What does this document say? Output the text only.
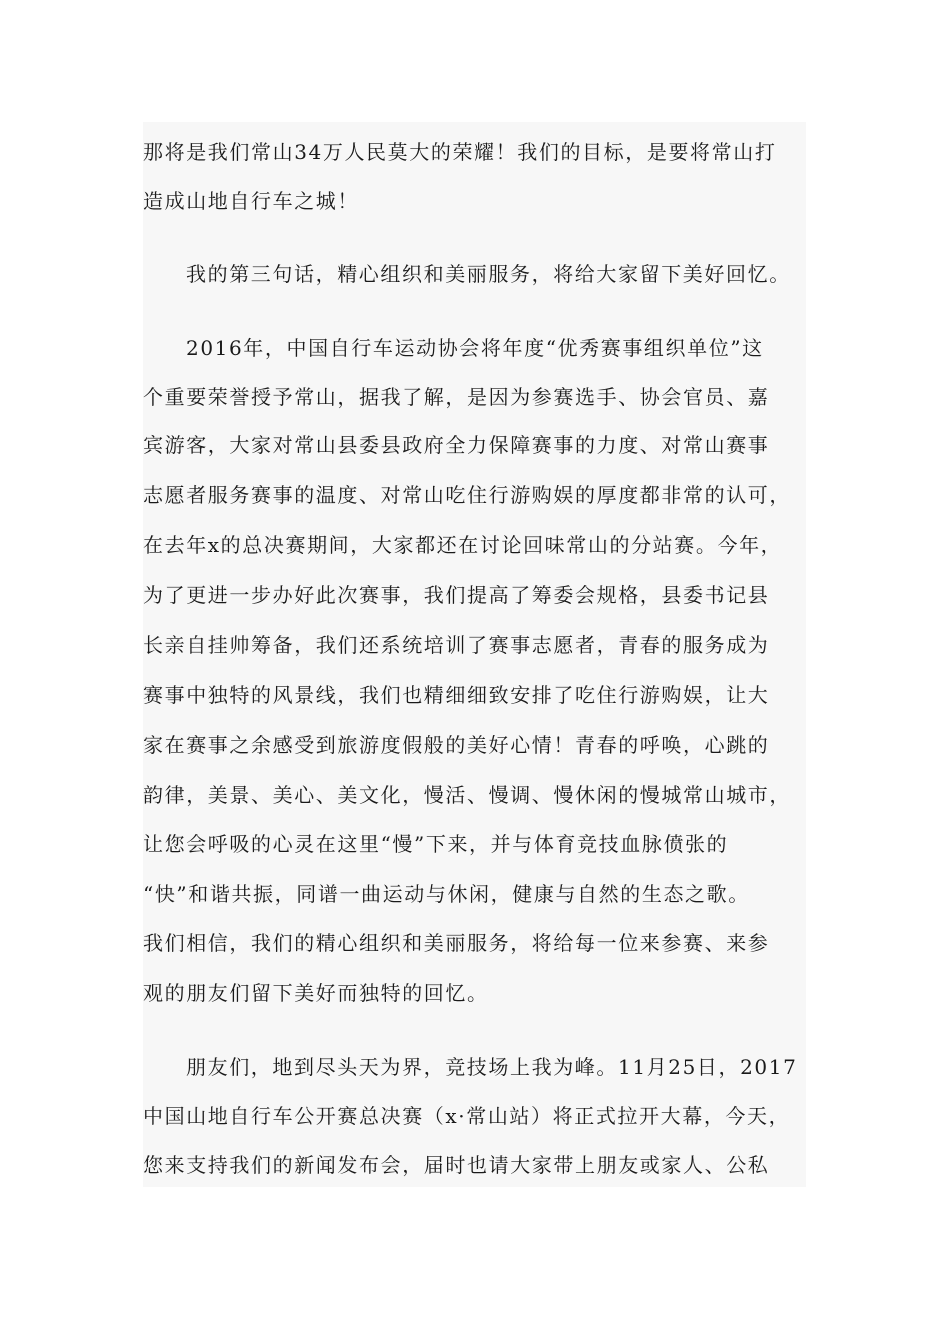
那将是我们常山34万人民莫大的荣耀！我们的目标，是要将常山打
造成山地自行车之城！
我的第三句话，精心组织和美丽服务，将给大家留下美好回忆。
2016年，中国自行车运动协会将年度“优秀赛事组织单位”这
个重要荣誉授予常山，据我了解，是因为参赛选手、协会官员、嘉
宾游客，大家对常山县委县政府全力保障赛事的力度、对常山赛事
志愿者服务赛事的温度、对常山吃住行游购娱的厚度都非常的认可，
在去年x的总决赛期间，大家都还在讨论回味常山的分站赛。今年，
为了更进一步办好此次赛事，我们提高了筹委会规格，县委书记县
长亲自挂帅筹备，我们还系统培训了赛事志愿者，青春的服务成为
赛事中独特的风景线，我们也精细细致安排了吃住行游购娱，让大
家在赛事之余感受到旅游度假般的美好心情！青春的呼唤，心跳的
韵律，美景、美心、美文化，慢活、慢调、慢休闲的慢城常山城市，
让您会呼吸的心灵在这里“慢”下来，并与体育竞技血脉偾张的
“快”和谐共振，同谱一曲运动与休闲，健康与自然的生态之歌。
我们相信，我们的精心组织和美丽服务，将给每一位来参赛、来参
观的朋友们留下美好而独特的回忆。
朋友们，地到尽头天为界，竞技场上我为峰。11月25日，2017
中国山地自行车公开赛总决赛（x·常山站）将正式拉开大幕，今天，
您来支持我们的新闻发布会，届时也请大家带上朋友或家人、公私
